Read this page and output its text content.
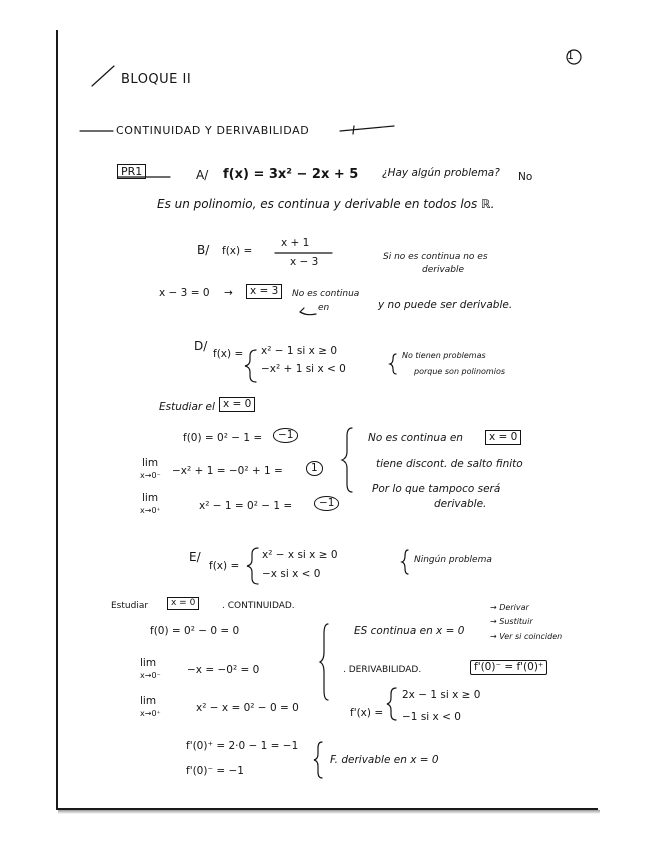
1
BLOQUE II
CONTINUIDAD Y DERIVABILIDAD
PR1	A/ f(x) = 3x² − 2x + 5 ¿Hay algún problema? No
Es un polinomio, es continua y derivable en todos los ℝ.
B/ f(x) =
x + 1
x − 3	Si no es continua no es
derivable
x − 3 = 0 →	x = 3	No es continua
en	y no puede ser derivable.
D/
f(x) = x² − 1 si x ≥ 0
−x² + 1 si x < 0
No tienen problemas
porque son polinomios
Estudiar el x = 0
f(0) = 0² − 1 =	−1
lim
x→0⁻ −x² + 1 = −0² + 1 =	1
lim
x→0⁺	x² − 1 = 0² − 1 =	−1
No es continua en	x = 0
tiene discont. de salto finito
Por lo que tampoco será
derivable.
E/
f(x) =
x² − x si x ≥ 0
−x si x < 0
Ningún problema
Estudiar	x = 0	. CONTINUIDAD.	→ Derivar
→ Sustituir
→ Ver si coinciden
f(0) = 0² − 0 = 0	ES continua en x = 0
lim
x→0⁻	−x = −0² = 0	. DERIVABILIDAD.	f'(0)⁻ = f'(0)⁺
lim
x→0⁺	x² − x = 0² − 0 = 0	f'(x) =
2x − 1 si x ≥ 0
−1 si x < 0
f'(0)⁺ = 2·0 − 1 = −1
f'(0)⁻ = −1
F. derivable en x = 0
